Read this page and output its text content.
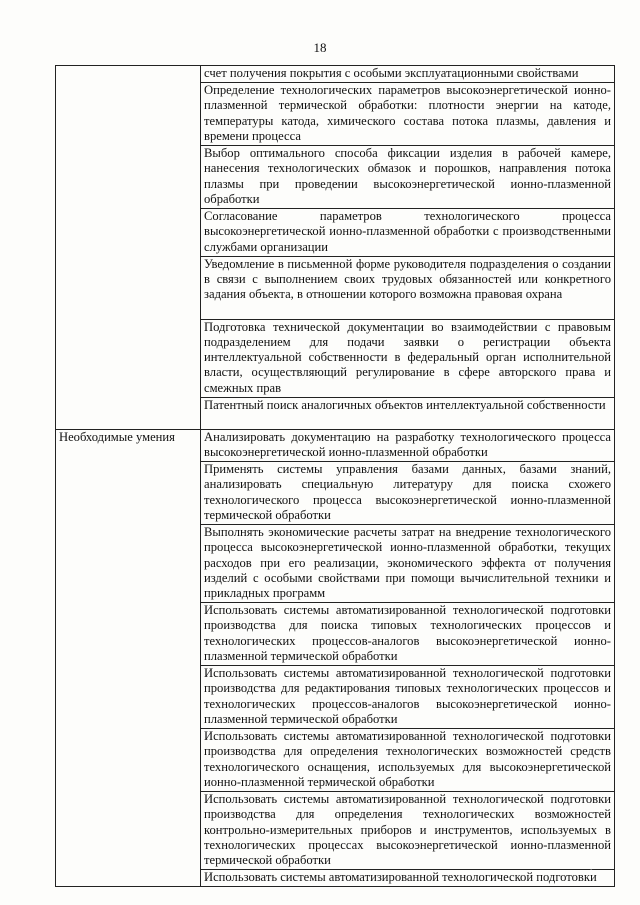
18
	счет получения покрытия с особыми эксплуатационными свойствами
	Определение технологических параметров высокоэнергетической ионно-плазменной термической обработки: плотности энергии на катоде, температуры катода, химического состава потока плазмы, давления и времени процесса
	Выбор оптимального способа фиксации изделия в рабочей камере, нанесения технологических обмазок и порошков, направления потока плазмы при проведении высокоэнергетической ионно-плазменной обработки
	Согласование параметров технологического процесса высокоэнергетической ионно-плазменной обработки с производственными службами организации
	Уведомление в письменной форме руководителя подразделения о создании в связи с выполнением своих трудовых обязанностей или конкретного задания объекта, в отношении которого возможна правовая охрана
	Подготовка технической документации во взаимодействии с правовым подразделением для подачи заявки о регистрации объекта интеллектуальной собственности в федеральный орган исполнительной власти, осуществляющий регулирование в сфере авторского права и смежных прав
	Патентный поиск аналогичных объектов интеллектуальной собственности
Необходимые умения	Анализировать документацию на разработку технологического процесса высокоэнергетической ионно-плазменной обработки
	Применять системы управления базами данных, базами знаний, анализировать специальную литературу для поиска схожего технологического процесса высокоэнергетической ионно-плазменной термической обработки
	Выполнять экономические расчеты затрат на внедрение технологического процесса высокоэнергетической ионно-плазменной обработки, текущих расходов при его реализации, экономического эффекта от получения изделий с особыми свойствами при помощи вычислительной техники и прикладных программ
	Использовать системы автоматизированной технологической подготовки производства для поиска типовых технологических процессов и технологических процессов-аналогов высокоэнергетической ионно-плазменной термической обработки
	Использовать системы автоматизированной технологической подготовки производства для редактирования типовых технологических процессов и технологических процессов-аналогов высокоэнергетической ионно-плазменной термической обработки
	Использовать системы автоматизированной технологической подготовки производства для определения технологических возможностей средств технологического оснащения, используемых для высокоэнергетической ионно-плазменной термической обработки
	Использовать системы автоматизированной технологической подготовки производства для определения технологических возможностей контрольно-измерительных приборов и инструментов, используемых в технологических процессах высокоэнергетической ионно-плазменной термической обработки
	Использовать системы автоматизированной технологической подготовки
.
